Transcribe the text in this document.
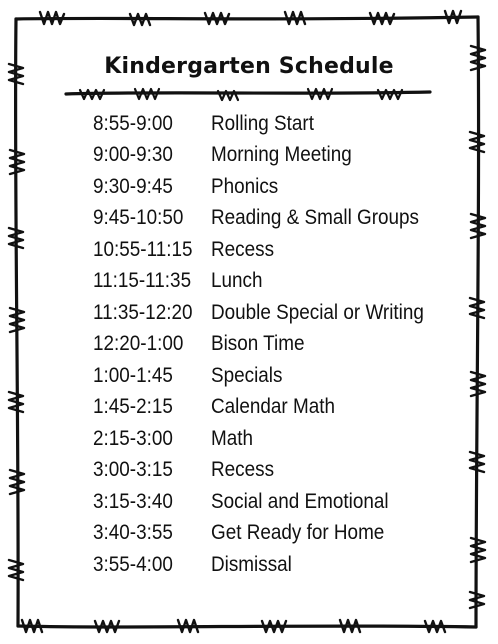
Kindergarten Schedule
8:55-9:00	Rolling Start
9:00-9:30	Morning Meeting
9:30-9:45	Phonics
9:45-10:50	Reading & Small Groups
10:55-11:15 Recess
11:15-11:35 Lunch
11:35-12:20 Double Special or Writing
12:20-1:00	Bison Time
1:00-1:45	Specials
1:45-2:15	Calendar Math
2:15-3:00	Math
3:00-3:15	Recess
3:15-3:40	Social and Emotional
3:40-3:55	Get Ready for Home
3:55-4:00	Dismissal
